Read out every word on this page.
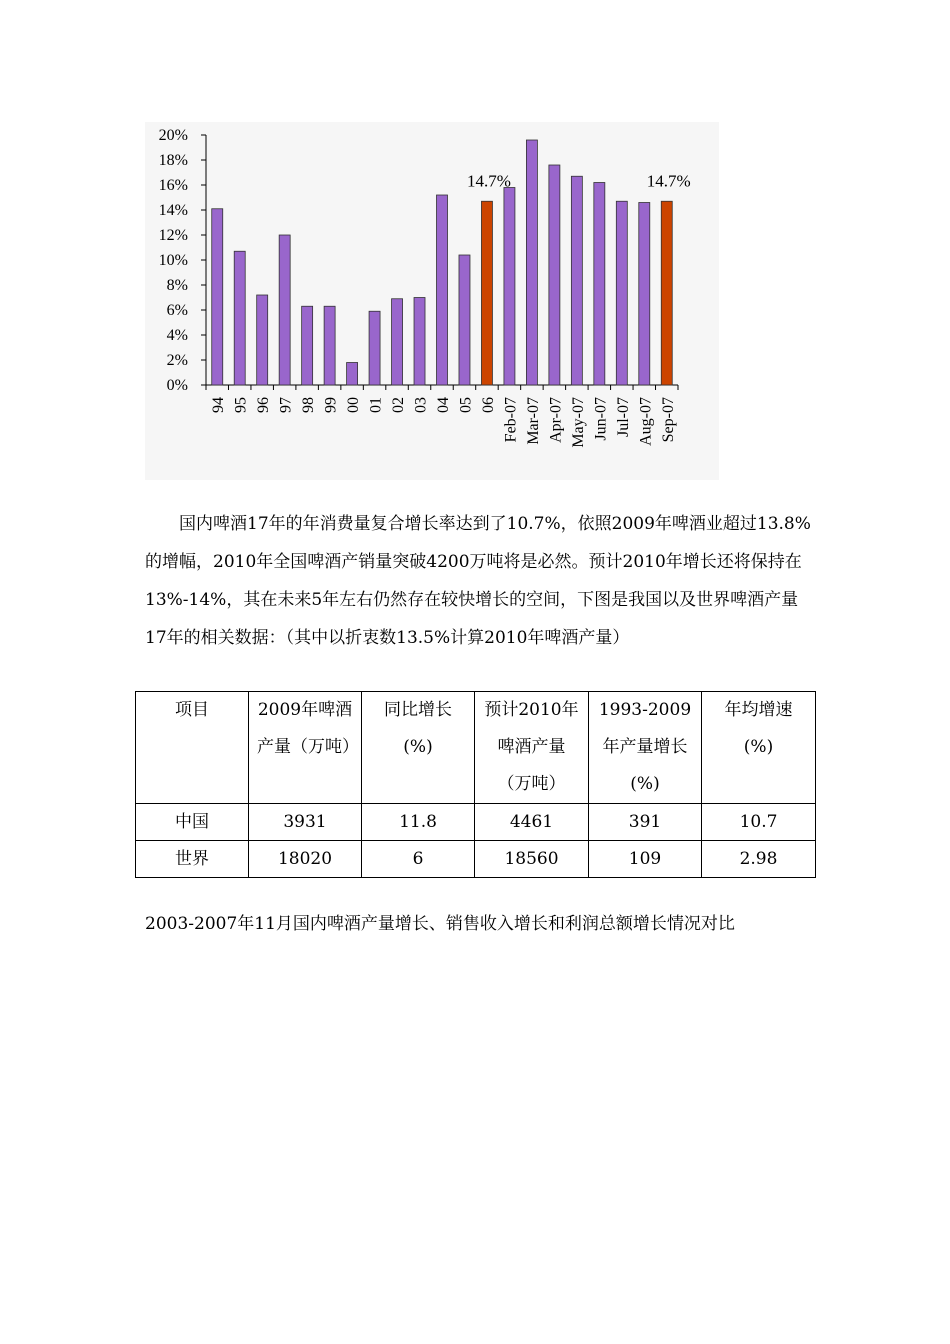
0%
2%
4%
6%
8%
10%
12%
14%
16%
18%
20%
94 95 96 97 98 99 00 01 02 03 04 05 06 Feb-07 Mar-07 Apr-07 May-07 Jun-07 Jul-07 Aug-07 Sep-07
14.7%	14.7%
国内啤酒17年的年消费量复合增长率达到了10.7%，依照2009年啤酒业超过13.8%的增幅，2010年全国啤酒产销量突破4200万吨将是必然。预计2010年增长还将保持在13%-14%，其在未来5年左右仍然存在较快增长的空间，下图是我国以及世界啤酒产量17年的相关数据：（其中以折衷数13.5%计算2010年啤酒产量）
项目	2009年啤酒产量（万吨）	同比增长(%)	预计2010年啤酒产量（万吨）	1993-2009年产量增长(%)	年均增速(%)
中国	3931	11.8	4461	391	10.7
世界	18020	6	18560	109	2.98
2003-2007年11月国内啤酒产量增长、销售收入增长和利润总额增长情况对比
